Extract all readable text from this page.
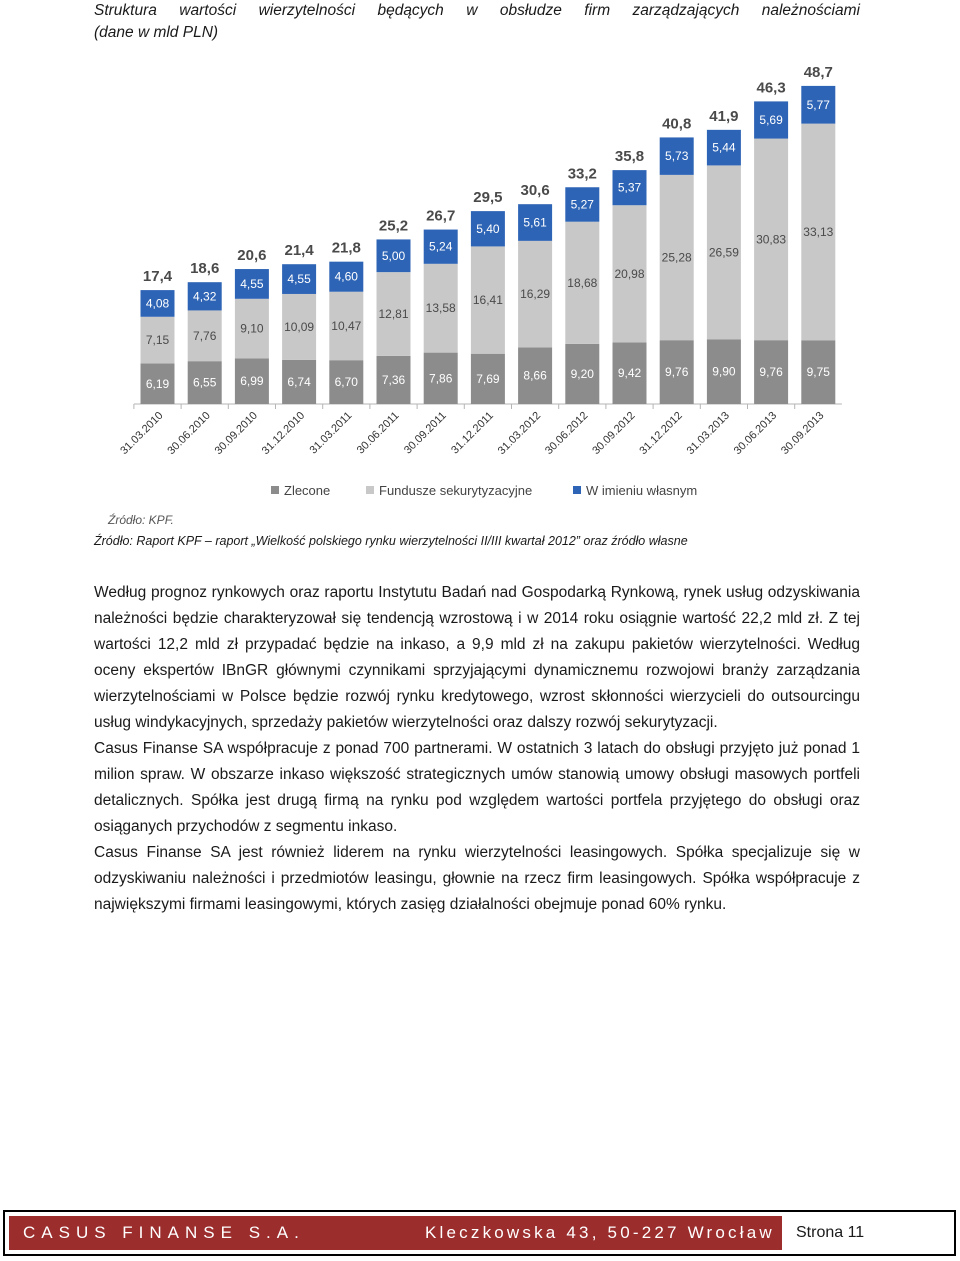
Struktura wartości wierzytelności będących w obsłudze firm zarządzających należnościami
(dane w mld PLN)
6,19
7,15
4,08
17,4
31.03.2010
6,55
7,76
4,32
18,6
30.06.2010
6,99
9,10
4,55
20,6
30.09.2010
6,74
10,09
4,55
21,4
31.12.2010
6,70
10,47
4,60
21,8
31.03.2011
7,36
12,81
5,00
25,2
30.06.2011
7,86
13,58
5,24
26,7
30.09.2011
7,69
16,41
5,40
29,5
31.12.2011
8,66
16,29
5,61
30,6
31.03.2012
9,20
18,68
5,27
33,2
30.06.2012
9,42
20,98
5,37
35,8
30.09.2012
9,76
25,28
5,73
40,8
31.12.2012
9,90
26,59
5,44
41,9
31.03.2013
9,76
30,83
5,69
46,3
30.06.2013
9,75
33,13
5,77
48,7
30.09.2013
Zlecone	Fundusze sekurytyzacyjne	W imieniu własnym
Źródło: KPF.
Źródło: Raport KPF – raport „Wielkość polskiego rynku wierzytelności II/III kwartał 2012” oraz źródło własne

Według prognoz rynkowych oraz raportu Instytutu Badań nad Gospodarką Rynkową, rynek usług odzyskiwania należności będzie charakteryzował się tendencją wzrostową i w 2014 roku osiągnie wartość 22,2 mld zł. Z tej wartości 12,2 mld zł przypadać będzie na inkaso, a 9,9 mld zł na zakupu pakietów wierzytelności. Według oceny ekspertów IBnGR głównymi czynnikami sprzyjającymi dynamicznemu rozwojowi branży zarządzania wierzytelnościami w Polsce będzie rozwój rynku kredytowego, wzrost skłonności wierzycieli do outsourcingu usług windykacyjnych, sprzedaży pakietów wierzytelności oraz dalszy rozwój sekurytyzacji.

Casus Finanse SA współpracuje z ponad 700 partnerami. W ostatnich 3 latach do obsługi przyjęto już ponad 1 milion spraw. W obszarze inkaso większość strategicznych umów stanowią umowy obsługi masowych portfeli detalicznych. Spółka jest drugą firmą na rynku pod względem wartości portfela przyjętego do obsługi oraz osiąganych przychodów z segmentu inkaso.

Casus Finanse SA jest również liderem na rynku wierzytelności leasingowych. Spółka specjalizuje się w odzyskiwaniu należności i przedmiotów leasingu, głownie na rzecz firm leasingowych. Spółka współpracuje z największymi firmami leasingowymi, których zasięg działalności obejmuje ponad 60% rynku.

CASUS FINANSE S.A.	Kleczkowska 43, 50-227 Wrocław	Strona 11
